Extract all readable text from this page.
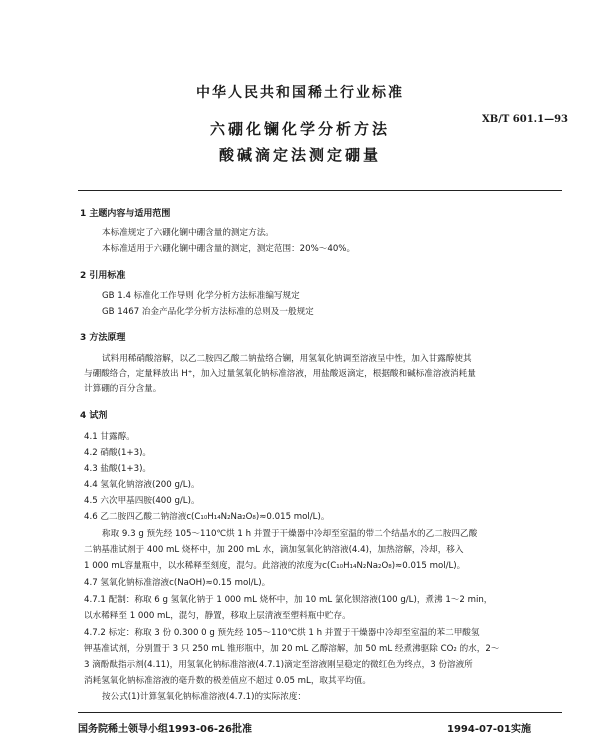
中华人民共和国稀土行业标准
XB/T 601.1—93
六硼化镧化学分析方法
酸碱滴定法测定硼量
1 主题内容与适用范围
本标准规定了六硼化镧中硼含量的测定方法。
本标准适用于六硼化镧中硼含量的测定，测定范围：20%～40%。
2 引用标准
GB 1.4 标准化工作导则 化学分析方法标准编写规定
GB 1467 冶金产品化学分析方法标准的总则及一般规定
3 方法原理
试料用稀硝酸溶解，以乙二胺四乙酸二钠盐络合镧，用氢氧化钠调至溶液呈中性，加入甘露醇使其
与硼酸络合，定量释放出 H⁺，加入过量氢氧化钠标准溶液，用盐酸返滴定，根据酸和碱标准溶液消耗量
计算硼的百分含量。
4 试剂
4.1 甘露醇。
4.2 硝酸(1+3)。
4.3 盐酸(1+3)。
4.4 氢氧化钠溶液(200 g/L)。
4.5 六次甲基四胺(400 g/L)。
4.6 乙二胺四乙酸二钠溶液c(C₁₀H₁₄N₂Na₂O₈)≈0.015 mol/L)。
称取 9.3 g 预先经 105～110℃烘 1 h 并置于干燥器中冷却至室温的带二个结晶水的乙二胺四乙酸
二钠基准试剂于 400 mL 烧杯中，加 200 mL 水，滴加氢氧化钠溶液(4.4)，加热溶解，冷却，移入
1 000 mL容量瓶中，以水稀释至刻度，混匀。此溶液的浓度为c(C₁₀H₁₄N₂Na₂O₈)≈0.015 mol/L)。
4.7 氢氧化钠标准溶液c(NaOH)≈0.15 mol/L)。
4.7.1 配制：称取 6 g 氢氧化钠于 1 000 mL 烧杯中，加 10 mL 氯化钡溶液(100 g/L)，煮沸 1～2 min，
以水稀释至 1 000 mL，混匀，静置，移取上层清液至塑料瓶中贮存。
4.7.2 标定：称取 3 份 0.300 0 g 预先经 105～110℃烘 1 h 并置于干燥器中冷却至室温的苯二甲酸氢
钾基准试剂，分别置于 3 只 250 mL 锥形瓶中，加 20 mL 乙醇溶解，加 50 mL 经煮沸驱除 CO₂ 的水，2～
3 滴酚酞指示剂(4.11)，用氢氧化钠标准溶液(4.7.1)滴定至溶液刚呈稳定的微红色为终点，3 份溶液所
消耗氢氧化钠标准溶液的毫升数的极差值应不超过 0.05 mL，取其平均值。
按公式(1)计算氢氧化钠标准溶液(4.7.1)的实际浓度：
国务院稀土领导小组1993-06-26批准	1994-07-01实施
